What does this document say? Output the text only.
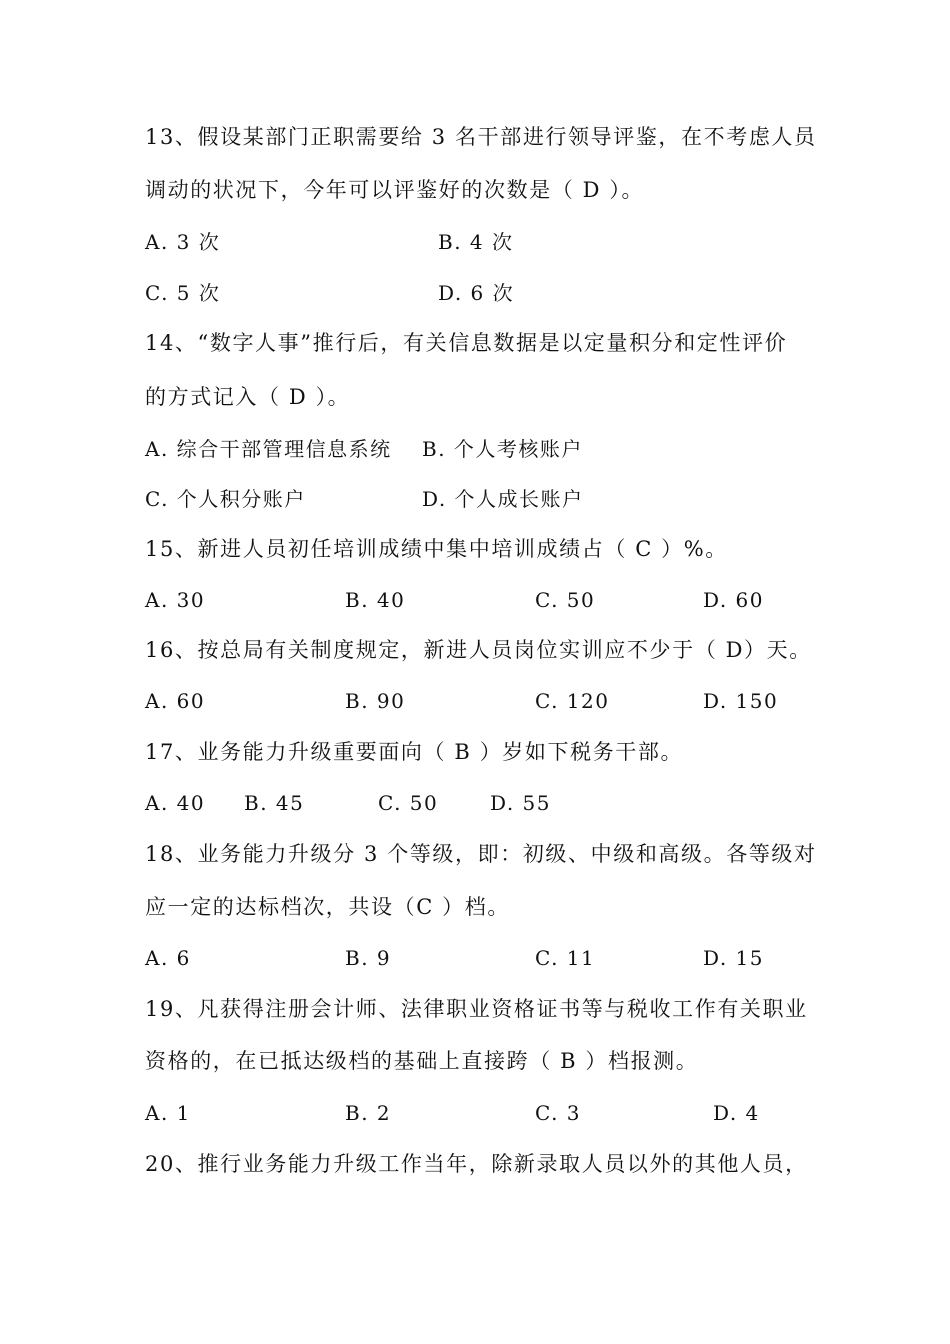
13、假设某部门正职需要给 3 名干部进行领导评鉴，在不考虑人员
调动的状况下，今年可以评鉴好的次数是（ D ）。
A. 3 次	B. 4 次
C. 5 次	D. 6 次
14、“数字人事”推行后，有关信息数据是以定量积分和定性评价
的方式记入（ D ）。
A. 综合干部管理信息系统 B. 个人考核账户
C. 个人积分账户	D. 个人成长账户
15、新进人员初任培训成绩中集中培训成绩占（ C ）%。
A. 30	B. 40	C. 50	D. 60
16、按总局有关制度规定，新进人员岗位实训应不少于（ D）天。
A. 60	B. 90	C. 120	D. 150
17、业务能力升级重要面向（ B ）岁如下税务干部。
A. 40 B. 45	C. 50	D. 55
18、业务能力升级分 3 个等级，即：初级、中级和高级。各等级对
应一定的达标档次，共设（C ）档。
A. 6	B. 9	C. 11	D. 15
19、凡获得注册会计师、法律职业资格证书等与税收工作有关职业
资格的，在已抵达级档的基础上直接跨（ B ）档报测。
A. 1	B. 2	C. 3	D. 4
20、推行业务能力升级工作当年，除新录取人员以外的其他人员，
